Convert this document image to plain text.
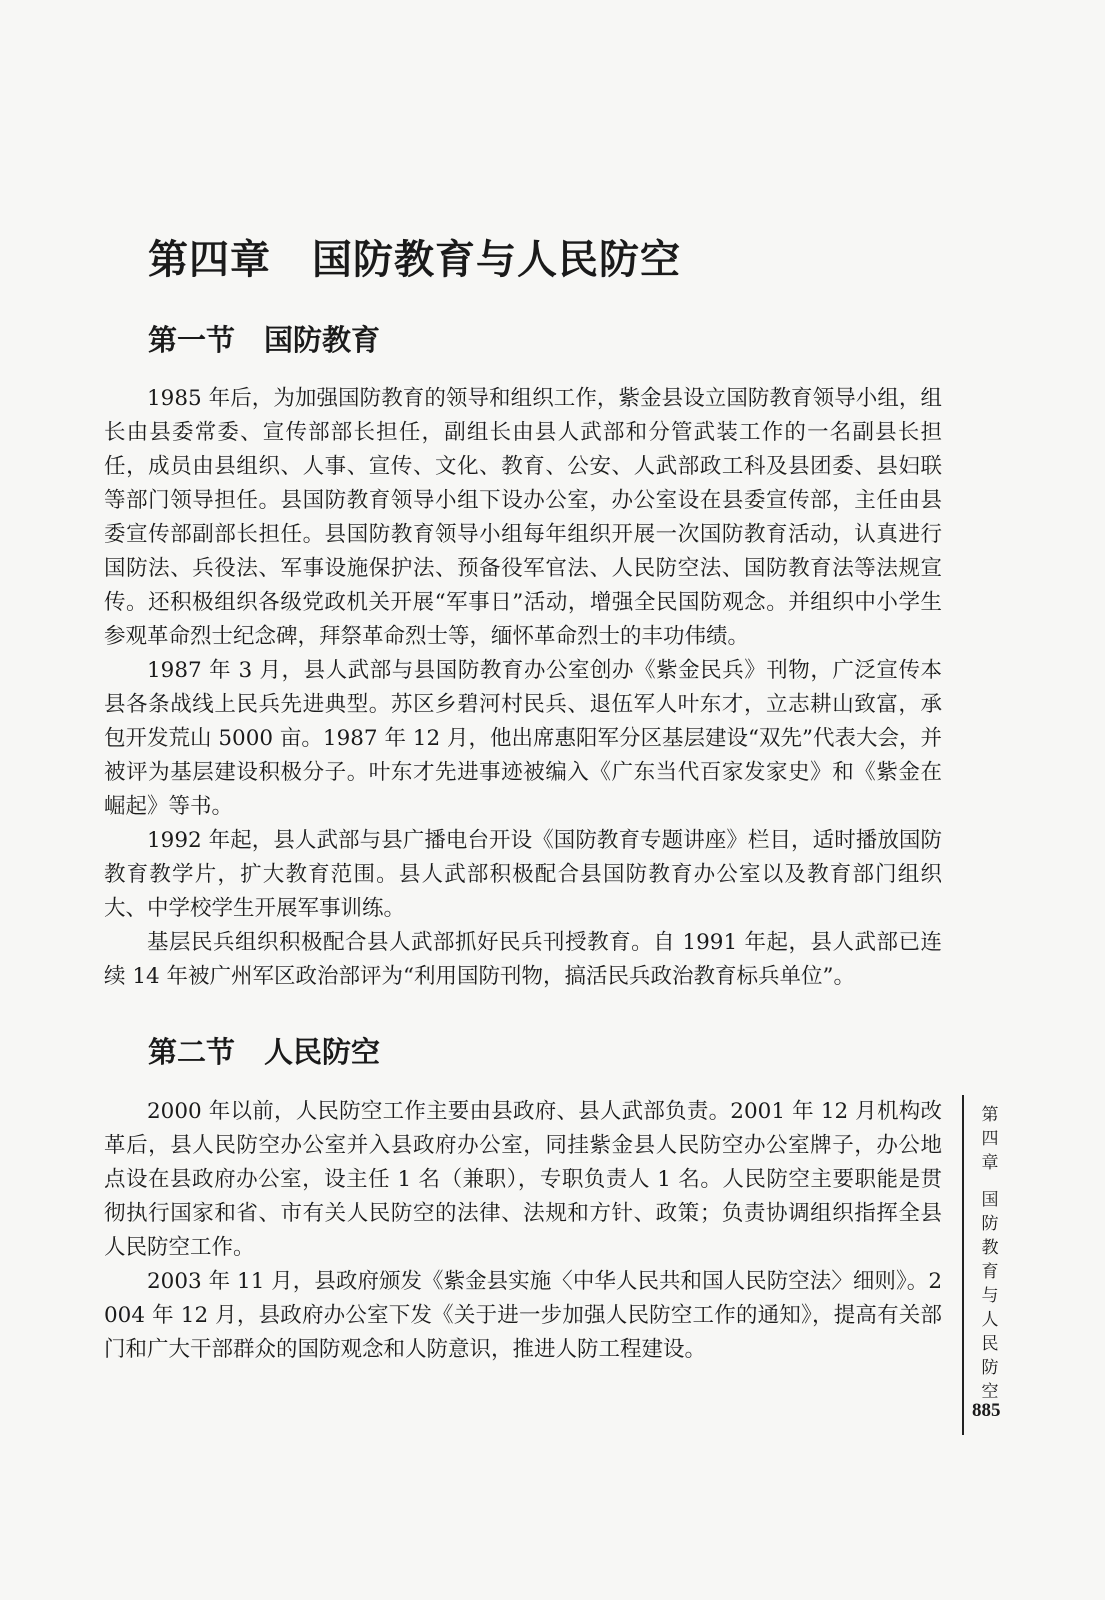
第四章　国防教育与人民防空
第一节　国防教育

1985 年后，为加强国防教育的领导和组织工作，紫金县设立国防教育领导小组，组长由县委常委、宣传部部长担任，副组长由县人武部和分管武装工作的一名副县长担任，成员由县组织、人事、宣传、文化、教育、公安、人武部政工科及县团委、县妇联等部门领导担任。县国防教育领导小组下设办公室，办公室设在县委宣传部，主任由县委宣传部副部长担任。县国防教育领导小组每年组织开展一次国防教育活动，认真进行国防法、兵役法、军事设施保护法、预备役军官法、人民防空法、国防教育法等法规宣传。还积极组织各级党政机关开展“军事日”活动，增强全民国防观念。并组织中小学生参观革命烈士纪念碑，拜祭革命烈士等，缅怀革命烈士的丰功伟绩。

1987 年 3 月，县人武部与县国防教育办公室创办《紫金民兵》刊物，广泛宣传本县各条战线上民兵先进典型。苏区乡碧河村民兵、退伍军人叶东才，立志耕山致富，承包开发荒山 5000 亩。1987 年 12 月，他出席惠阳军分区基层建设“双先”代表大会，并被评为基层建设积极分子。叶东才先进事迹被编入《广东当代百家发家史》和《紫金在崛起》等书。

1992 年起，县人武部与县广播电台开设《国防教育专题讲座》栏目，适时播放国防教育教学片，扩大教育范围。县人武部积极配合县国防教育办公室以及教育部门组织大、中学校学生开展军事训练。

基层民兵组织积极配合县人武部抓好民兵刊授教育。自 1991 年起，县人武部已连续 14 年被广州军区政治部评为“利用国防刊物，搞活民兵政治教育标兵单位”。

第二节　人民防空

2000 年以前，人民防空工作主要由县政府、县人武部负责。2001 年 12 月机构改革后，县人民防空办公室并入县政府办公室，同挂紫金县人民防空办公室牌子，办公地点设在县政府办公室，设主任 1 名（兼职），专职负责人 1 名。人民防空主要职能是贯彻执行国家和省、市有关人民防空的法律、法规和方针、政策；负责协调组织指挥全县人民防空工作。

2003 年 11 月，县政府颁发《紫金县实施〈中华人民共和国人民防空法〉细则》。2004 年 12 月，县政府办公室下发《关于进一步加强人民防空工作的通知》，提高有关部门和广大干部群众的国防观念和人防意识，推进人防工程建设。

第四章
国防教育与人民防空
885
